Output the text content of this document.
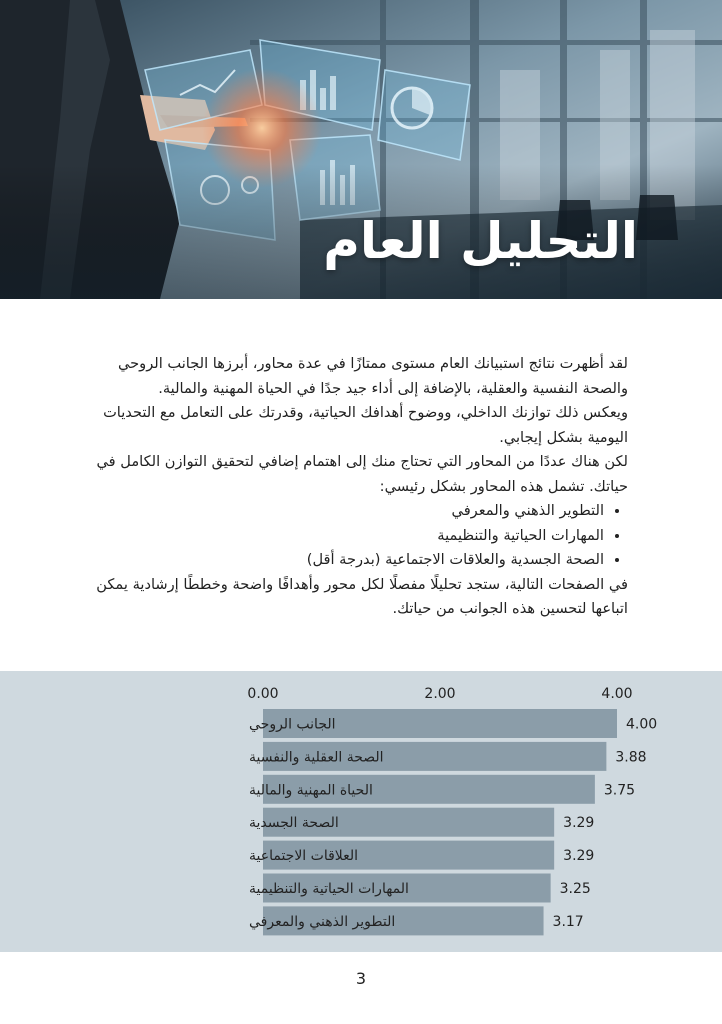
التحليل العام

لقد أظهرت نتائج استبيانك العام مستوى ممتازًا في عدة محاور، أبرزها الجانب الروحي والصحة النفسية والعقلية، بالإضافة إلى أداء جيد جدًا في الحياة المهنية والمالية.

ويعكس ذلك توازنك الداخلي، ووضوح أهدافك الحياتية، وقدرتك على التعامل مع التحديات اليومية بشكل إيجابي.

لكن هناك عددًا من المحاور التي تحتاج منك إلى اهتمام إضافي لتحقيق التوازن الكامل في حياتك. تشمل هذه المحاور بشكل رئيسي:

• التطوير الذهني والمعرفي
• المهارات الحياتية والتنظيمية
• الصحة الجسدية والعلاقات الاجتماعية (بدرجة أقل)

في الصفحات التالية، ستجد تحليلًا مفصلًا لكل محور وأهدافًا واضحة وخططًا إرشادية يمكن اتباعها لتحسين هذه الجوانب من حياتك.

0.00	2.00	4.00
الجانب الروحي	4.00
الصحة العقلية والنفسية	3.88
الحياة المهنية والمالية	3.75
الصحة الجسدية	3.29
العلاقات الاجتماعية	3.29
المهارات الحياتية والتنظيمية	3.25
التطوير الذهني والمعرفي	3.17
3
